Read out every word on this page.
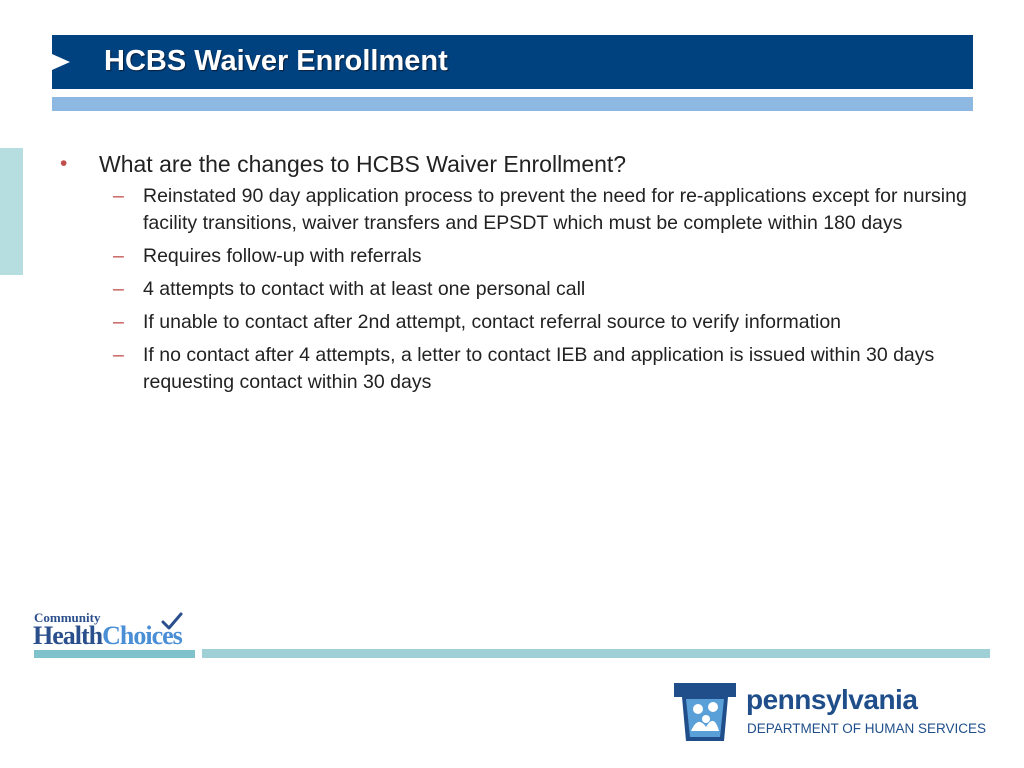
HCBS Waiver Enrollment
• What are the changes to HCBS Waiver Enrollment?
– Reinstated 90 day application process to prevent the need for re-applications except for nursing facility transitions, waiver transfers and EPSDT which must be complete within 180 days
– Requires follow-up with referrals
– 4 attempts to contact with at least one personal call
– If unable to contact after 2nd attempt, contact referral source to verify information
– If no contact after 4 attempts, a letter to contact IEB and application is issued within 30 days requesting contact within 30 days
Community
HealthChoices
pennsylvania
DEPARTMENT OF HUMAN SERVICES
